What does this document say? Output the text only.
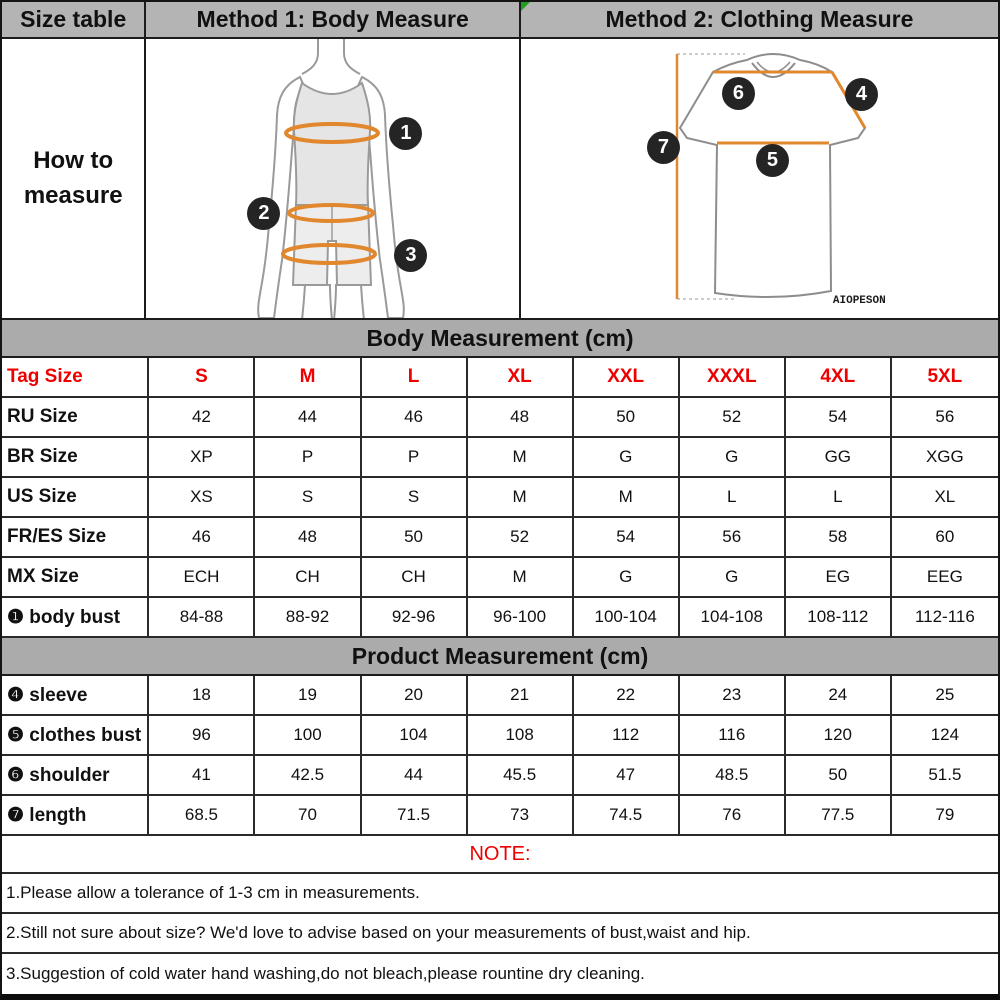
Size table	Method 1: Body Measure	Method 2: Clothing Measure
How to
measure
1
2
3
6	4
5
7
AIOPESON
Body Measurement (cm)
Tag Size	S	M	L	XL	XXL	XXXL	4XL	5XL
RU Size	42	44	46	48	50	52	54	56
BR Size	XP	P	P	M	G	G	GG	XGG
US Size	XS	S	S	M	M	L	L	XL
FR/ES Size	46	48	50	52	54	56	58	60
MX Size	ECH	CH	CH	M	G	G	EG	EEG
❶ body bust	84-88	88-92	92-96	96-100	100-104	104-108	108-112	112-116
Product Measurement (cm)
❹ sleeve	18	19	20	21	22	23	24	25
❺ clothes bust	96	100	104	108	112	116	120	124
❻ shoulder	41	42.5	44	45.5	47	48.5	50	51.5
❼ length	68.5	70	71.5	73	74.5	76	77.5	79
NOTE:
1.Please allow a tolerance of 1-3 cm in measurements.
2.Still not sure about size? We'd love to advise based on your measurements of bust,waist and hip.
3.Suggestion of cold water hand washing,do not bleach,please rountine dry cleaning.
